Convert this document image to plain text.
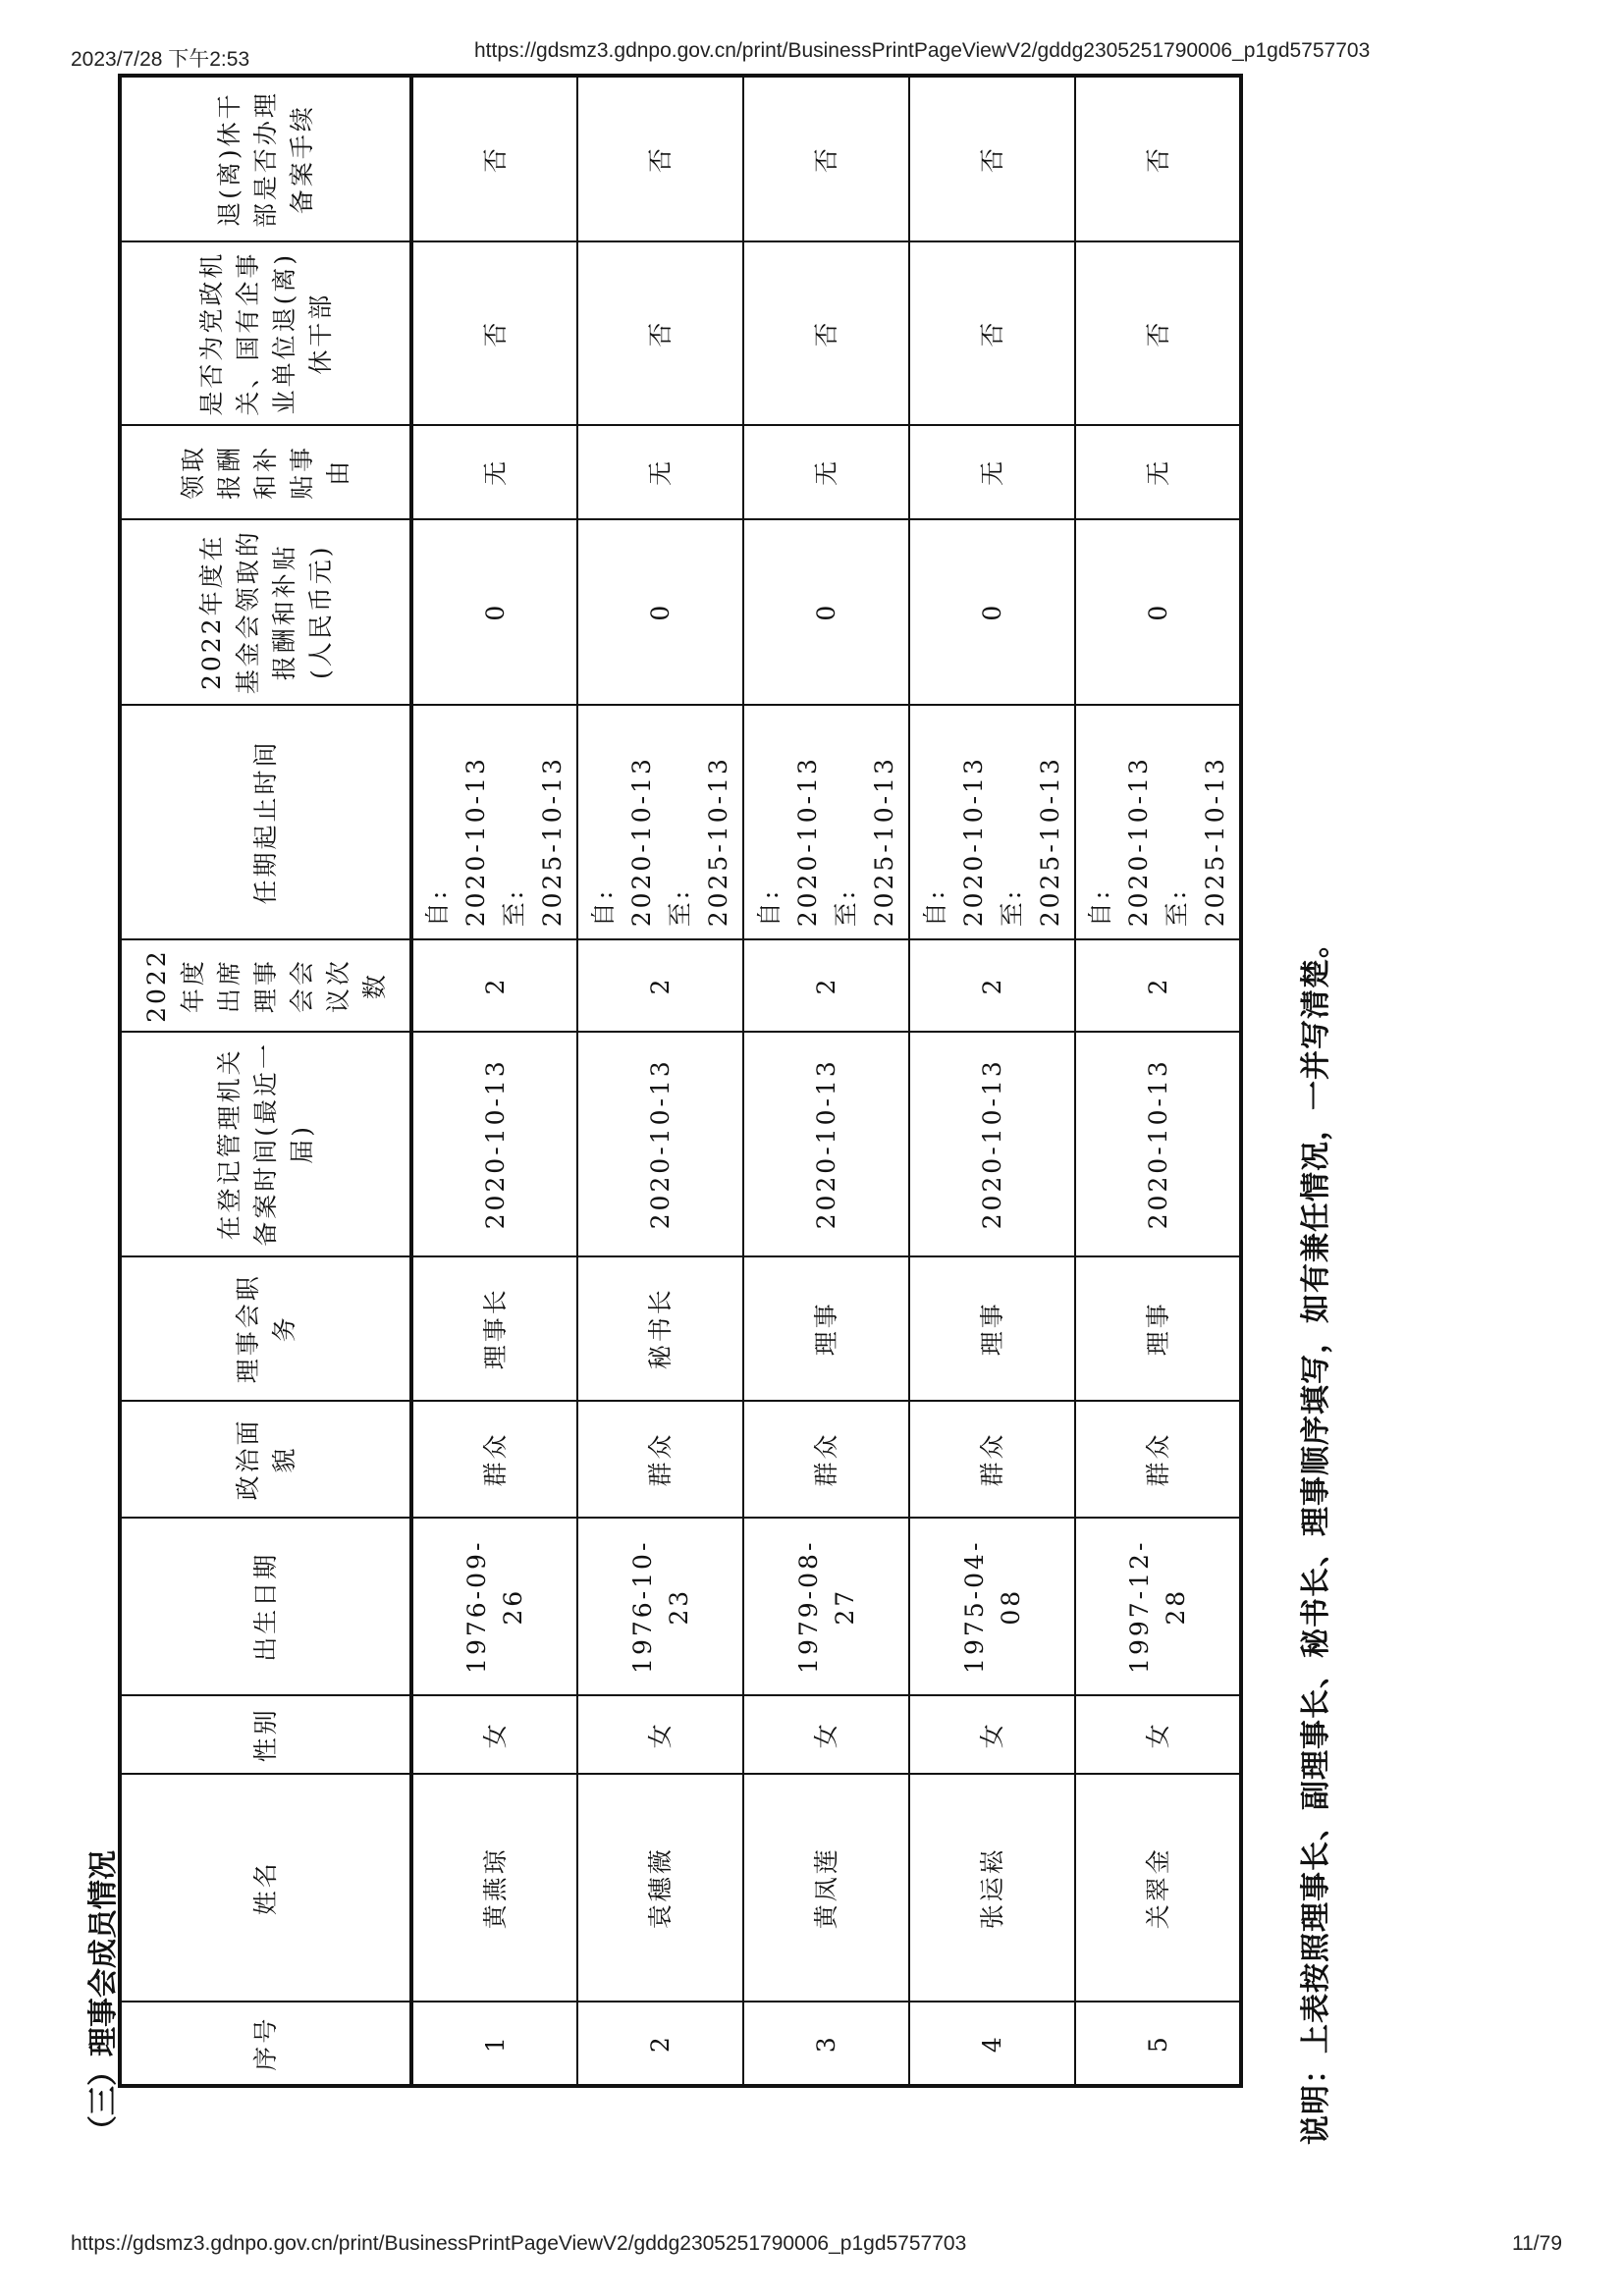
2023/7/28 下午2:53	https://gdsmz3.gdnpo.gov.cn/print/BusinessPrintPageViewV2/gddg2305251790006_p1gd5757703
（三）理事会成员情况	序号	姓名	性别	出生日期	政治面貌	理事会职务	在登记管理机关备案时间(最近一届)	2022年度出席理事会会议次数	任期起止时间	2022年度在基金会领取的报酬和补贴(人民币元)	领取报酬和补贴事由	是否为党政机关、国有企事业单位退(离)休干部	退(离)休干部是否办理备案手续
1	黄燕琼	女	1976-09-26	群众	理事长	2020-10-13	2	自: 2020-10-13 至: 2025-10-13	0	无	否	否
2	袁穗薇	女	1976-10-23	群众	秘书长	2020-10-13	2	自: 2020-10-13 至: 2025-10-13	0	无	否	否
3	黄凤莲	女	1979-08-27	群众	理事	2020-10-13	2	自: 2020-10-13 至: 2025-10-13	0	无	否	否
4	张运崧	女	1975-04-08	群众	理事	2020-10-13	2	自: 2020-10-13 至: 2025-10-13	0	无	否	否
5	关翠金	女	1997-12-28	群众	理事	2020-10-13	2	自: 2020-10-13 至: 2025-10-13	0	无	否	否
说明：上表按照理事长、副理事长、秘书长、理事顺序填写，如有兼任情况，一并写清楚。
https://gdsmz3.gdnpo.gov.cn/print/BusinessPrintPageViewV2/gddg2305251790006_p1gd5757703	11/79
